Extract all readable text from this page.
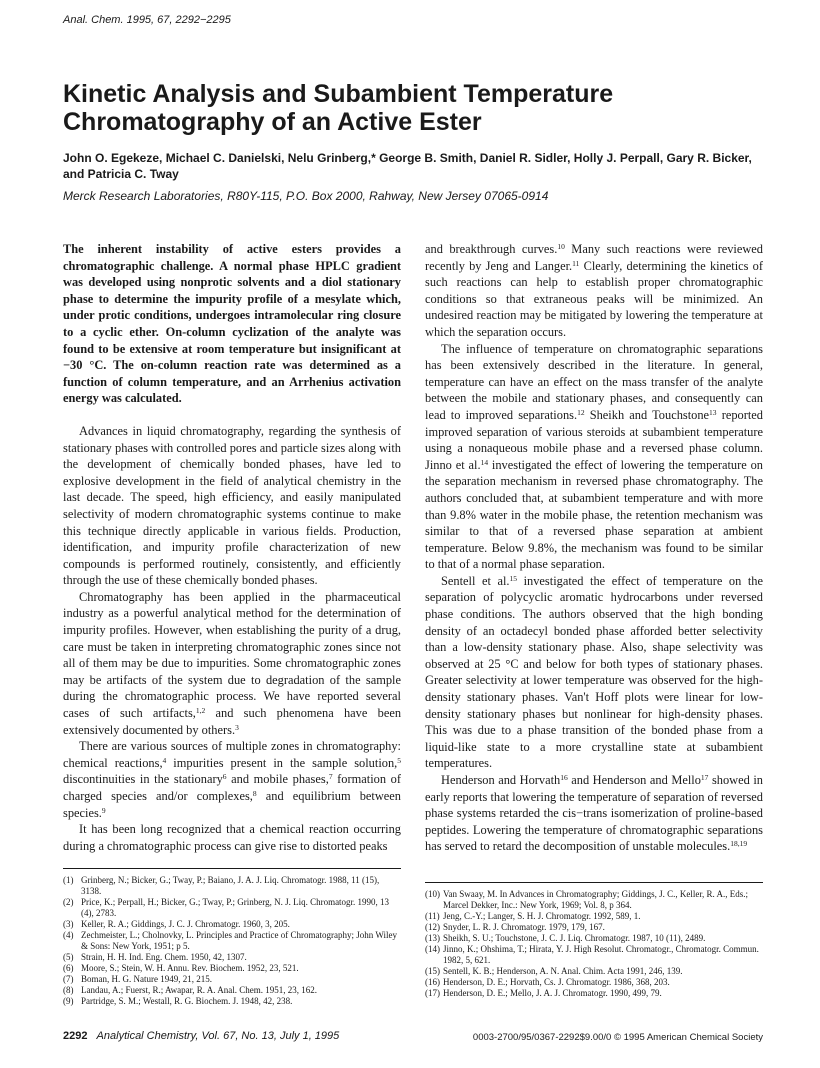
Anal. Chem. 1995, 67, 2292−2295
Kinetic Analysis and Subambient Temperature Chromatography of an Active Ester
John O. Egekeze, Michael C. Danielski, Nelu Grinberg,* George B. Smith, Daniel R. Sidler, Holly J. Perpall, Gary R. Bicker, and Patricia C. Tway
Merck Research Laboratories, R80Y-115, P.O. Box 2000, Rahway, New Jersey 07065-0914

The inherent instability of active esters provides a chromatographic challenge. A normal phase HPLC gradient was developed using nonprotic solvents and a diol stationary phase to determine the impurity profile of a mesylate which, under protic conditions, undergoes intramolecular ring closure to a cyclic ether. On-column cyclization of the analyte was found to be extensive at room temperature but insignificant at −30 °C. The on-column reaction rate was determined as a function of column temperature, and an Arrhenius activation energy was calculated.

Advances in liquid chromatography, regarding the synthesis of stationary phases with controlled pores and particle sizes along with the development of chemically bonded phases, have led to explosive development in the field of analytical chemistry in the last decade. The speed, high efficiency, and easily manipulated selectivity of modern chromatographic systems continue to make this technique directly applicable in various fields. Production, identification, and impurity profile characterization of new compounds is performed routinely, consistently, and efficiently through the use of these chemically bonded phases.

Chromatography has been applied in the pharmaceutical industry as a powerful analytical method for the determination of impurity profiles. However, when establishing the purity of a drug, care must be taken in interpreting chromatographic zones since not all of them may be due to impurities. Some chromatographic zones may be artifacts of the system due to degradation of the sample during the chromatographic process. We have reported several cases of such artifacts,$^{1,2}$ and such phenomena have been extensively documented by others.$^3$

There are various sources of multiple zones in chromatography: chemical reactions,$^4$ impurities present in the sample solution,$^5$ discontinuities in the stationary$^6$ and mobile phases,$^7$ formation of charged species and/or complexes,$^8$ and equilibrium between species.$^9$

It has been long recognized that a chemical reaction occurring during a chromatographic process can give rise to distorted peaks

and breakthrough curves.$^{10}$ Many such reactions were reviewed recently by Jeng and Langer.$^{11}$ Clearly, determining the kinetics of such reactions can help to establish proper chromatographic conditions so that extraneous peaks will be minimized. An undesired reaction may be mitigated by lowering the temperature at which the separation occurs.

The influence of temperature on chromatographic separations has been extensively described in the literature. In general, temperature can have an effect on the mass transfer of the analyte between the mobile and stationary phases, and consequently can lead to improved separations.$^{12}$ Sheikh and Touchstone$^{13}$ reported improved separation of various steroids at subambient temperature using a nonaqueous mobile phase and a reversed phase column. Jinno et al.$^{14}$ investigated the effect of lowering the temperature on the separation mechanism in reversed phase chromatography. The authors concluded that, at subambient temperature and with more than 9.8% water in the mobile phase, the retention mechanism was similar to that of a reversed phase separation at ambient temperature. Below 9.8%, the mechanism was found to be similar to that of a normal phase separation.

Sentell et al.$^{15}$ investigated the effect of temperature on the separation of polycyclic aromatic hydrocarbons under reversed phase conditions. The authors observed that the high bonding density of an octadecyl bonded phase afforded better selectivity than a low-density stationary phase. Also, shape selectivity was observed at 25 °C and below for both types of stationary phases. Greater selectivity at lower temperature was observed for the high-density stationary phases. Van't Hoff plots were linear for low-density stationary phases but nonlinear for high-density phases. This was due to a phase transition of the bonded phase from a liquid-like state to a more crystalline state at subambient temperatures.

Henderson and Horvath$^{16}$ and Henderson and Mello$^{17}$ showed in early reports that lowering the temperature of separation of reversed phase systems retarded the cis−trans isomerization of proline-based peptides. Lowering the temperature of chromatographic separations has served to retard the decomposition of unstable molecules.$^{18,19}$

(1) Grinberg, N.; Bicker, G.; Tway, P.; Baiano, J. A. J. Liq. Chromatogr. 1988, 11 (15), 3138.
(2) Price, K.; Perpall, H.; Bicker, G.; Tway, P.; Grinberg, N. J. Liq. Chromatogr. 1990, 13 (4), 2783.
(3) Keller, R. A.; Giddings, J. C. J. Chromatogr. 1960, 3, 205.
(4) Zechmeister, L.; Cholnovky, L. Principles and Practice of Chromatography; John Wiley & Sons: New York, 1951; p 5.
(5) Strain, H. H. Ind. Eng. Chem. 1950, 42, 1307.
(6) Moore, S.; Stein, W. H. Annu. Rev. Biochem. 1952, 23, 521.
(7) Boman, H. G. Nature 1949, 21, 215.
(8) Landau, A.; Fuerst, R.; Awapar, R. A. Anal. Chem. 1951, 23, 162.
(9) Partridge, S. M.; Westall, R. G. Biochem. J. 1948, 42, 238.
(10) Van Swaay, M. In Advances in Chromatography; Giddings, J. C., Keller, R. A., Eds.; Marcel Dekker, Inc.: New York, 1969; Vol. 8, p 364.
(11) Jeng, C.-Y.; Langer, S. H. J. Chromatogr. 1992, 589, 1.
(12) Snyder, L. R. J. Chromatogr. 1979, 179, 167.
(13) Sheikh, S. U.; Touchstone, J. C. J. Liq. Chromatogr. 1987, 10 (11), 2489.
(14) Jinno, K.; Ohshima, T.; Hirata, Y. J. High Resolut. Chromatogr., Chromatogr. Commun. 1982, 5, 621.
(15) Sentell, K. B.; Henderson, A. N. Anal. Chim. Acta 1991, 246, 139.
(16) Henderson, D. E.; Horvath, Cs. J. Chromatogr. 1986, 368, 203.
(17) Henderson, D. E.; Mello, J. A. J. Chromatogr. 1990, 499, 79.
2292 Analytical Chemistry, Vol. 67, No. 13, July 1, 1995	0003-2700/95/0367-2292$9.00/0 © 1995 American Chemical Society
